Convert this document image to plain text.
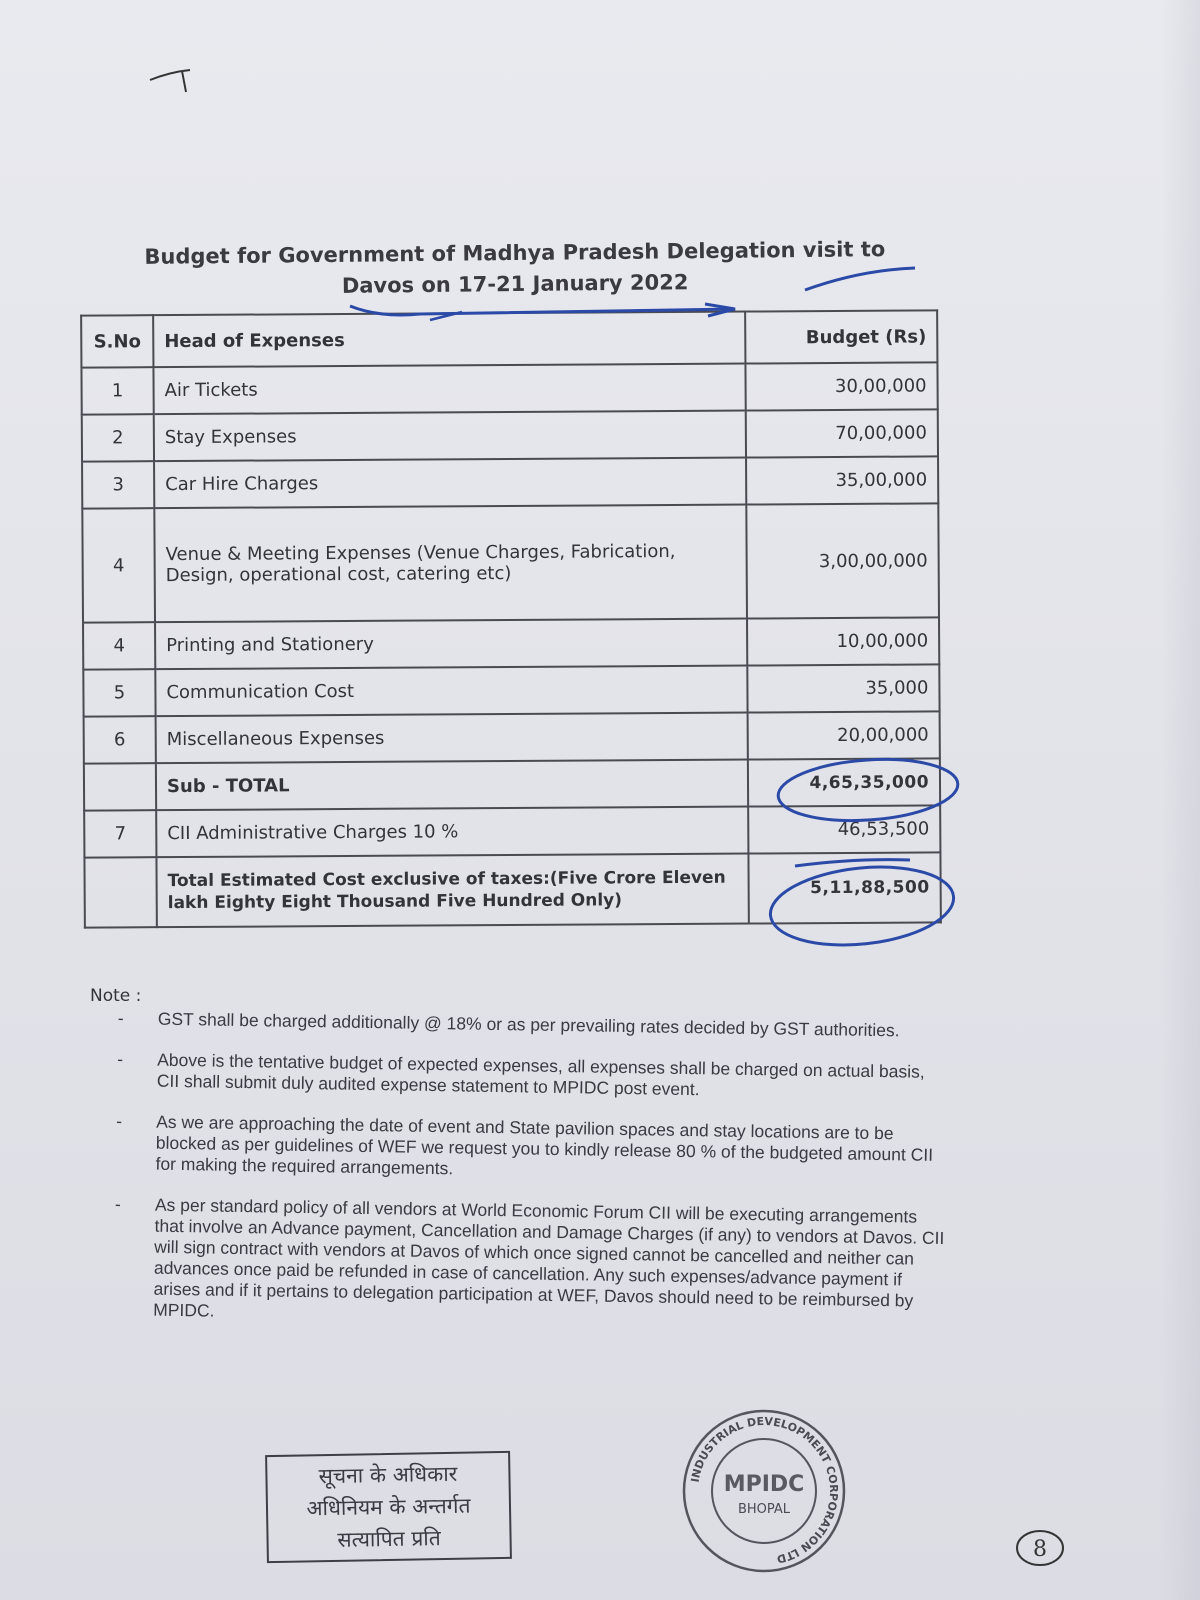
Budget for Government of Madhya Pradesh Delegation visit to
Davos on 17-21 January 2022
S.No	Head of Expenses	Budget (Rs)
1	Air Tickets	30,00,000
2	Stay Expenses	70,00,000
3	Car Hire Charges	35,00,000
4	Venue & Meeting Expenses (Venue Charges, Fabrication, Design, operational cost, catering etc)	3,00,00,000
4	Printing and Stationery	10,00,000
5	Communication Cost	35,000
6	Miscellaneous Expenses	20,00,000
	Sub - TOTAL	4,65,35,000
7	CII Administrative Charges 10 %	46,53,500
	Total Estimated Cost exclusive of taxes:(Five Crore Eleven lakh Eighty Eight Thousand Five Hundred Only)	5,11,88,500
Note :
- GST shall be charged additionally @ 18% or as per prevailing rates decided by GST authorities.
- Above is the tentative budget of expected expenses, all expenses shall be charged on actual basis, CII shall submit duly audited expense statement to MPIDC post event.
- As we are approaching the date of event and State pavilion spaces and stay locations are to be blocked as per guidelines of WEF we request you to kindly release 80 % of the budgeted amount CII for making the required arrangements.
- As per standard policy of all vendors at World Economic Forum CII will be executing arrangements that involve an Advance payment, Cancellation and Damage Charges (if any) to vendors at Davos. CII will sign contract with vendors at Davos of which once signed cannot be cancelled and neither can advances once paid be refunded in case of cancellation. Any such expenses/advance payment if arises and if it pertains to delegation participation at WEF, Davos should need to be reimbursed by MPIDC.
सूचना के अधिकार
अधिनियम के अन्तर्गत
सत्यापित प्रति
INDUSTRIAL DEVELOPMENT CORPORATION LTD
MPIDC
BHOPAL
8
